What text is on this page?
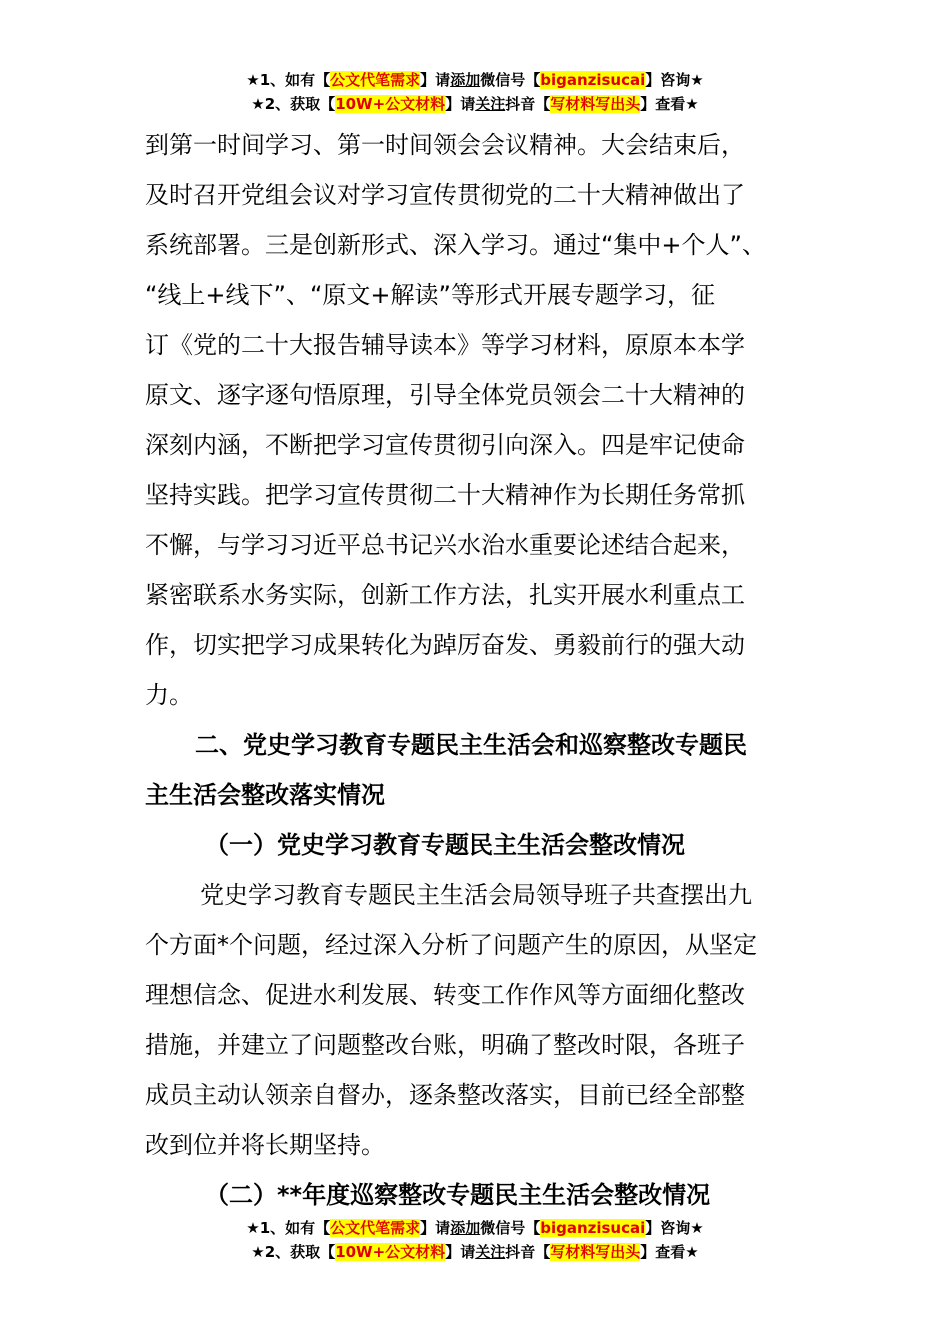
★1、如有【公文代笔需求】请添加微信号【biganzisucai】咨询★
★2、获取【10W+公文材料】请关注抖音【写材料写出头】查看★
到第一时间学习、第一时间领会会议精神。大会结束后，
及时召开党组会议对学习宣传贯彻党的二十大精神做出了
系统部署。三是创新形式、深入学习。通过“集中+个人”、
“线上+线下”、“原文+解读”等形式开展专题学习，征
订《党的二十大报告辅导读本》等学习材料，原原本本学
原文、逐字逐句悟原理，引导全体党员领会二十大精神的
深刻内涵，不断把学习宣传贯彻引向深入。四是牢记使命
坚持实践。把学习宣传贯彻二十大精神作为长期任务常抓
不懈，与学习习近平总书记兴水治水重要论述结合起来，
紧密联系水务实际，创新工作方法，扎实开展水利重点工
作，切实把学习成果转化为踔厉奋发、勇毅前行的强大动
力。
二、党史学习教育专题民主生活会和巡察整改专题民
主生活会整改落实情况
（一）党史学习教育专题民主生活会整改情况
党史学习教育专题民主生活会局领导班子共查摆出九
个方面*个问题，经过深入分析了问题产生的原因，从坚定
理想信念、促进水利发展、转变工作作风等方面细化整改
措施，并建立了问题整改台账，明确了整改时限，各班子
成员主动认领亲自督办，逐条整改落实，目前已经全部整
改到位并将长期坚持。
（二）**年度巡察整改专题民主生活会整改情况
★1、如有【公文代笔需求】请添加微信号【biganzisucai】咨询★
★2、获取【10W+公文材料】请关注抖音【写材料写出头】查看★
